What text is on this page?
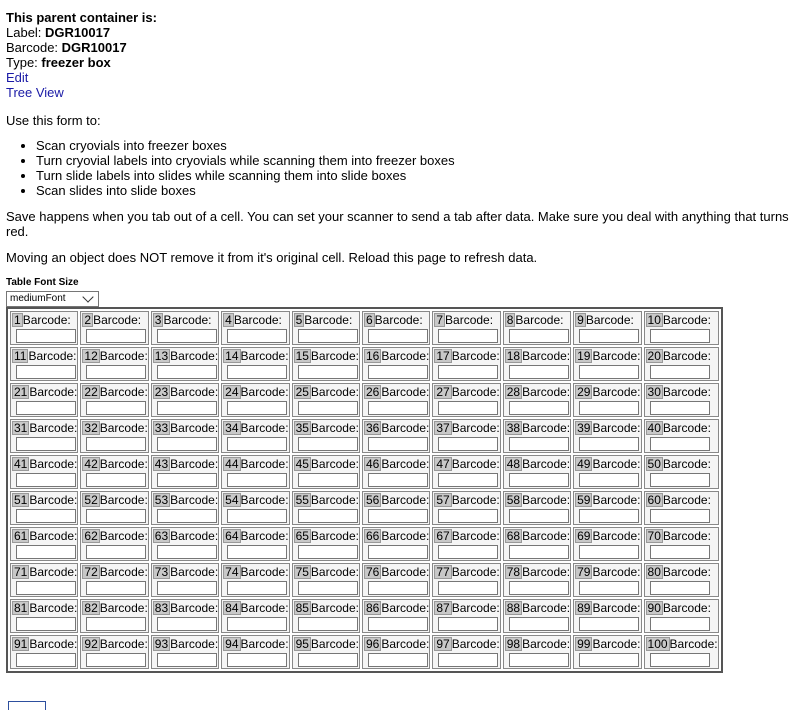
This parent container is:
Label: DGR10017
Barcode: DGR10017
Type: freezer box
Edit
Tree View
Use this form to:
• Scan cryovials into freezer boxes
• Turn cryovial labels into cryovials while scanning them into freezer boxes
• Turn slide labels into slides while scanning them into slide boxes
• Scan slides into slide boxes

Save happens when you tab out of a cell. You can set your scanner to send a tab after data. Make sure you deal with anything that turns red.

Moving an object does NOT remove it from it's original cell. Reload this page to refresh data.

Table Font Size
mediumFont
1 Barcode:	2 Barcode:	3 Barcode:	4 Barcode:	5 Barcode:	6 Barcode:	7 Barcode:	8 Barcode:	9 Barcode:	10 Barcode:

11 Barcode:	12 Barcode:	13 Barcode:	14 Barcode:	15 Barcode:	16 Barcode:	17 Barcode:	18 Barcode:	19 Barcode:	20 Barcode:

21 Barcode:	22 Barcode:	23 Barcode:	24 Barcode:	25 Barcode:	26 Barcode:	27 Barcode:	28 Barcode:	29 Barcode:	30 Barcode:

31 Barcode:	32 Barcode:	33 Barcode:	34 Barcode:	35 Barcode:	36 Barcode:	37 Barcode:	38 Barcode:	39 Barcode:	40 Barcode:

41 Barcode:	42 Barcode:	43 Barcode:	44 Barcode:	45 Barcode:	46 Barcode:	47 Barcode:	48 Barcode:	49 Barcode:	50 Barcode:

51 Barcode:	52 Barcode:	53 Barcode:	54 Barcode:	55 Barcode:	56 Barcode:	57 Barcode:	58 Barcode:	59 Barcode:	60 Barcode:

61 Barcode:	62 Barcode:	63 Barcode:	64 Barcode:	65 Barcode:	66 Barcode:	67 Barcode:	68 Barcode:	69 Barcode:	70 Barcode:

71 Barcode:	72 Barcode:	73 Barcode:	74 Barcode:	75 Barcode:	76 Barcode:	77 Barcode:	78 Barcode:	79 Barcode:	80 Barcode:

81 Barcode:	82 Barcode:	83 Barcode:	84 Barcode:	85 Barcode:	86 Barcode:	87 Barcode:	88 Barcode:	89 Barcode:	90 Barcode:

91 Barcode:	92 Barcode:	93 Barcode:	94 Barcode:	95 Barcode:	96 Barcode:	97 Barcode:	98 Barcode:	99 Barcode:	100 Barcode:
